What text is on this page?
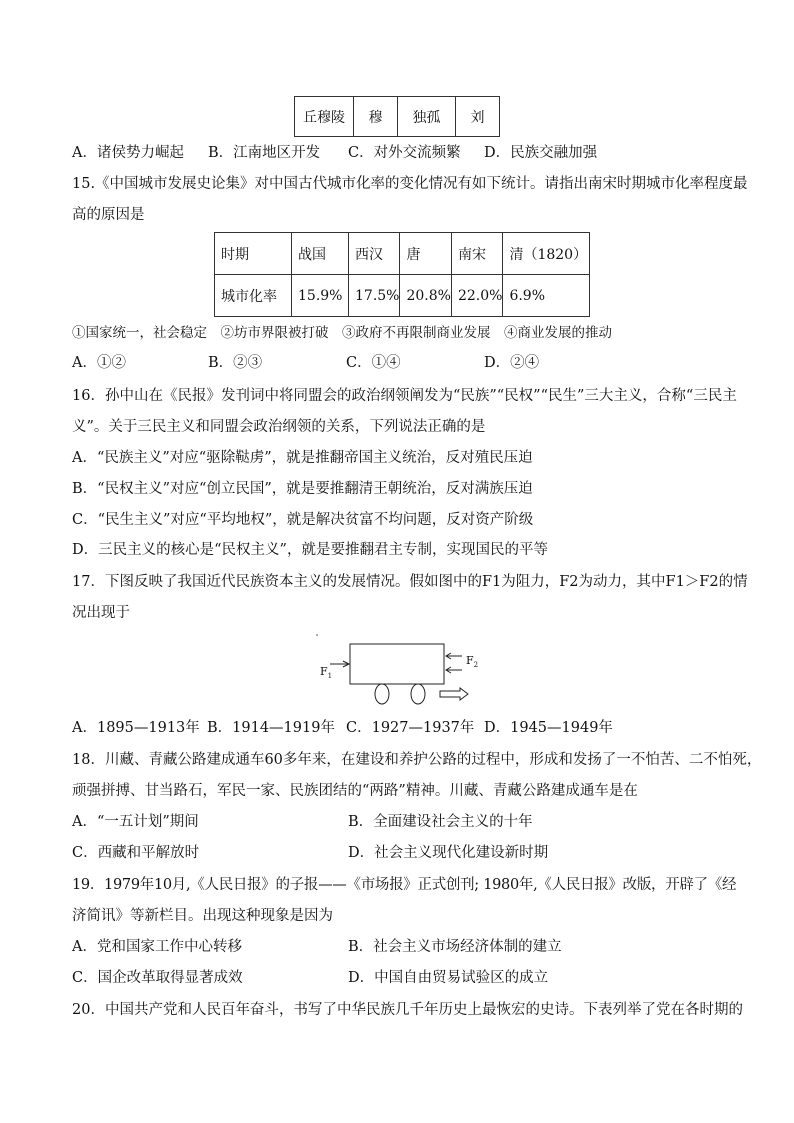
丘穆陵	穆	独孤	刘
A．诸侯势力崛起 B．江南地区开发 C．对外交流频繁 D．民族交融加强
15.《中国城市发展史论集》对中国古代城市化率的变化情况有如下统计。请指出南宋时期城市化率程度最
高的原因是
时期	战国	西汉	唐	南宋	清（1820）
城市化率	15.9%	17.5%	20.8%	22.0%	6.9%
①国家统一，社会稳定　②坊市界限被打破　③政府不再限制商业发展　④商业发展的推动
A．①②	B．②③	C．①④	D．②④
16．孙中山在《民报》发刊词中将同盟会的政治纲领阐发为“民族”“民权”“民生”三大主义，合称“三民主
义”。关于三民主义和同盟会政治纲领的关系，下列说法正确的是
A．“民族主义”对应“驱除鞑虏”，就是推翻帝国主义统治，反对殖民压迫
B．“民权主义”对应“创立民国”，就是要推翻清王朝统治，反对满族压迫
C．“民生主义”对应“平均地权”，就是解决贫富不均问题，反对资产阶级
D．三民主义的核心是“民权主义”，就是要推翻君主专制，实现国民的平等
17．下图反映了我国近代民族资本主义的发展情况。假如图中的F1为阻力，F2为动力，其中F1＞F2的情
况出现于
$F_1$
$F_2$
A．1895—1913年 B．1914—1919年 C．1927—1937年 D．1945—1949年
18．川藏、青藏公路建成通车60多年来，在建设和养护公路的过程中，形成和发扬了一不怕苦、二不怕死，
顽强拼搏、甘当路石，军民一家、民族团结的“两路”精神。川藏、青藏公路建成通车是在
A．“一五计划”期间	B．全面建设社会主义的十年
C．西藏和平解放时	D．社会主义现代化建设新时期
19．1979年10月,《人民日报》的子报——《市场报》正式创刊; 1980年,《人民日报》改版，开辟了《经
济简讯》等新栏目。出现这种现象是因为
A．党和国家工作中心转移	B．社会主义市场经济体制的建立
C．国企改革取得显著成效	D．中国自由贸易试验区的成立
20．中国共产党和人民百年奋斗，书写了中华民族几千年历史上最恢宏的史诗。下表列举了党在各时期的
